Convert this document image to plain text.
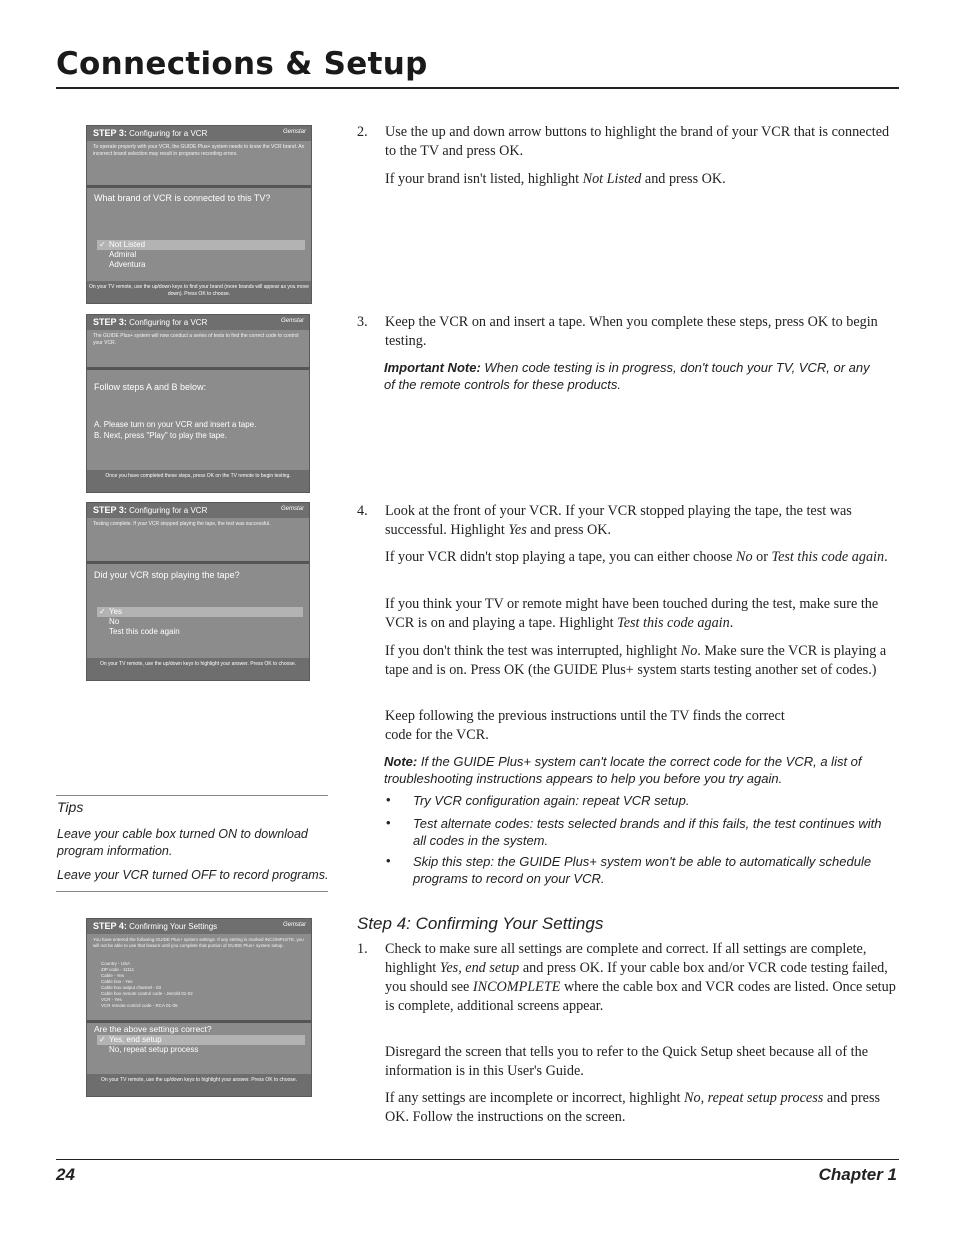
Connections & Setup
STEP 3: Configuring for a VCR	Gemstar
To operate properly with your VCR, the GUIDE Plus+ system needs to know the VCR brand. An incorrect brand selection may result in programs recording errors.
What brand of VCR is connected to this TV?
✓ Not Listed
Admiral
Adventura
On your TV remote, use the up/down keys to find your brand (more brands will appear as you move down). Press OK to choose.
STEP 3: Configuring for a VCR	Gemstar
The GUIDE Plus+ system will now conduct a series of tests to find the correct code to control your VCR.
Follow steps A and B below:
A. Please turn on your VCR and insert a tape.
B. Next, press "Play" to play the tape.
Once you have completed these steps, press OK on the TV remote to begin testing.
STEP 3: Configuring for a VCR	Gemstar
Testing complete. If your VCR stopped playing the tape, the test was successful.
Did your VCR stop playing the tape?
✓ Yes
No
Test this code again
On your TV remote, use the up/down keys to highlight your answer. Press OK to choose.
Tips
Leave your cable box turned ON to download program information.
Leave your VCR turned OFF to record programs.
STEP 4: Confirming Your Settings	Gemstar
You have entered the following GUIDE Plus+ system settings. If any setting is marked INCOMPLETE, you will not be able to use that feature until you complete that portion of GUIDE Plus+ system setup.
Country - USA
ZIP code - 11111
Cable - Yes
Cable box - Yes
Cable box output channel - 03
Cable box remote control code - Jerrold 01-02
VCR - Yes
VCR remote control code - RCA 01-05
Are the above settings correct?
✓ Yes, end setup
No, repeat setup process
On your TV remote, use the up/down keys to highlight your answer. Press OK to choose.
2. Use the up and down arrow buttons to highlight the brand of your VCR that is connected to the TV and press OK.
If your brand isn't listed, highlight Not Listed and press OK.
3. Keep the VCR on and insert a tape. When you complete these steps, press OK to begin testing.
Important Note: When code testing is in progress, don't touch your TV, VCR, or any of the remote controls for these products.
4. Look at the front of your VCR. If your VCR stopped playing the tape, the test was successful. Highlight Yes and press OK.
If your VCR didn't stop playing a tape, you can either choose No or Test this code again.
If you think your TV or remote might have been touched during the test, make sure the VCR is on and playing a tape. Highlight Test this code again.
If you don't think the test was interrupted, highlight No. Make sure the VCR is playing a tape and is on. Press OK (the GUIDE Plus+ system starts testing another set of codes.)
Keep following the previous instructions until the TV finds the correct code for the VCR.
Note: If the GUIDE Plus+ system can't locate the correct code for the VCR, a list of troubleshooting instructions appears to help you before you try again.
• Try VCR configuration again: repeat VCR setup.
• Test alternate codes: tests selected brands and if this fails, the test continues with all codes in the system.
• Skip this step: the GUIDE Plus+ system won't be able to automatically schedule programs to record on your VCR.
Step 4: Confirming Your Settings
1. Check to make sure all settings are complete and correct. If all settings are complete, highlight Yes, end setup and press OK. If your cable box and/or VCR code testing failed, you should see INCOMPLETE where the cable box and VCR codes are listed. Once setup is complete, additional screens appear.
Disregard the screen that tells you to refer to the Quick Setup sheet because all of the information is in this User's Guide.
If any settings are incomplete or incorrect, highlight No, repeat setup process and press OK. Follow the instructions on the screen.
24	Chapter 1
